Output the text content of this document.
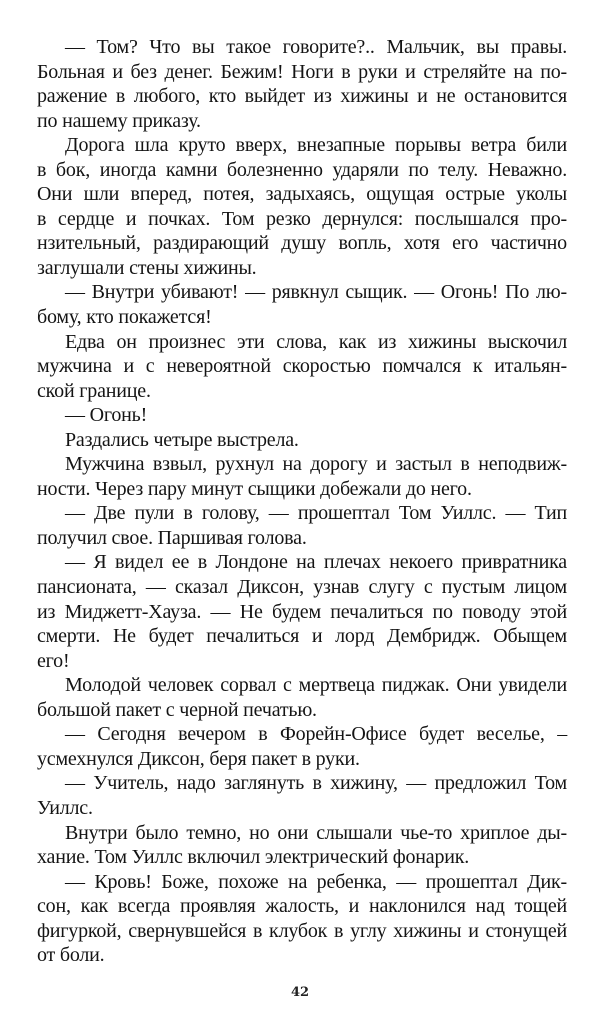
— Том? Что вы такое говорите?.. Мальчик, вы правы.
Больная и без денег. Бежим! Ноги в руки и стреляйте на по-
ражение в любого, кто выйдет из хижины и не остановится
по нашему приказу.
Дорога шла круто вверх, внезапные порывы ветра били
в бок, иногда камни болезненно ударяли по телу. Неважно.
Они шли вперед, потея, задыхаясь, ощущая острые уколы
в сердце и почках. Том резко дернулся: послышался про-
нзительный, раздирающий душу вопль, хотя его частично
заглушали стены хижины.
— Внутри убивают! — рявкнул сыщик. — Огонь! По лю-
бому, кто покажется!
Едва он произнес эти слова, как из хижины выскочил
мужчина и с невероятной скоростью помчался к итальян-
ской границе.
— Огонь!
Раздались четыре выстрела.
Мужчина взвыл, рухнул на дорогу и застыл в неподвиж-
ности. Через пару минут сыщики добежали до него.
— Две пули в голову, — прошептал Том Уиллс. — Тип
получил свое. Паршивая голова.
— Я видел ее в Лондоне на плечах некоего привратника
пансионата, — сказал Диксон, узнав слугу с пустым лицом
из Миджетт-Хауза. — Не будем печалиться по поводу этой
смерти. Не будет печалиться и лорд Дембридж. Обыщем
его!
Молодой человек сорвал с мертвеца пиджак. Они увидели
большой пакет с черной печатью.
— Сегодня вечером в Форейн-Офисе будет веселье, –
усмехнулся Диксон, беря пакет в руки.
— Учитель, надо заглянуть в хижину, — предложил Том
Уиллс.
Внутри было темно, но они слышали чье-то хриплое ды-
хание. Том Уиллс включил электрический фонарик.
— Кровь! Боже, похоже на ребенка, — прошептал Дик-
сон, как всегда проявляя жалость, и наклонился над тощей
фигуркой, свернувшейся в клубок в углу хижины и стонущей
от боли.
42
